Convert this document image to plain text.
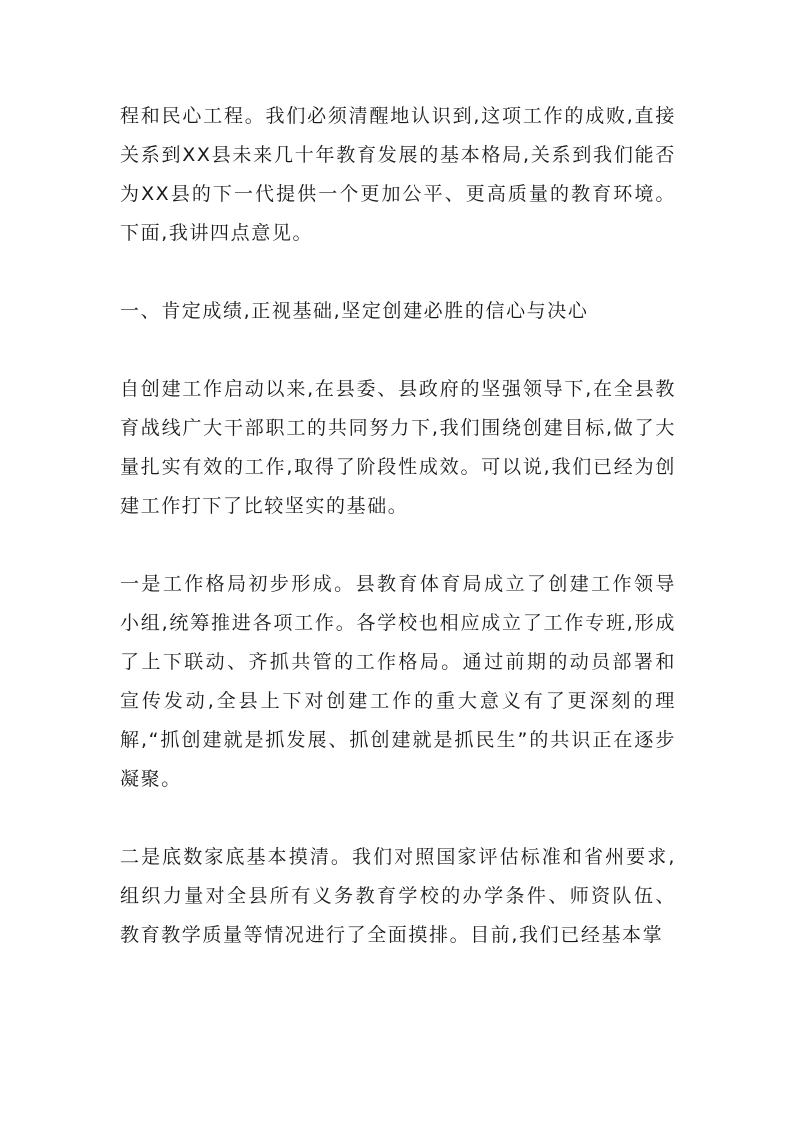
程和民心工程。我们必须清醒地认识到,这项工作的成败,直接关系到XX县未来几十年教育发展的基本格局,关系到我们能否为XX县的下一代提供一个更加公平、更高质量的教育环境。下面,我讲四点意见。

一、肯定成绩,正视基础,坚定创建必胜的信心与决心

自创建工作启动以来,在县委、县政府的坚强领导下,在全县教育战线广大干部职工的共同努力下,我们围绕创建目标,做了大量扎实有效的工作,取得了阶段性成效。可以说,我们已经为创建工作打下了比较坚实的基础。

一是工作格局初步形成。县教育体育局成立了创建工作领导小组,统筹推进各项工作。各学校也相应成立了工作专班,形成了上下联动、齐抓共管的工作格局。通过前期的动员部署和宣传发动,全县上下对创建工作的重大意义有了更深刻的理解,“抓创建就是抓发展、抓创建就是抓民生”的共识正在逐步凝聚。

二是底数家底基本摸清。我们对照国家评估标准和省州要求,组织力量对全县所有义务教育学校的办学条件、师资队伍、教育教学质量等情况进行了全面摸排。目前,我们已经基本掌
